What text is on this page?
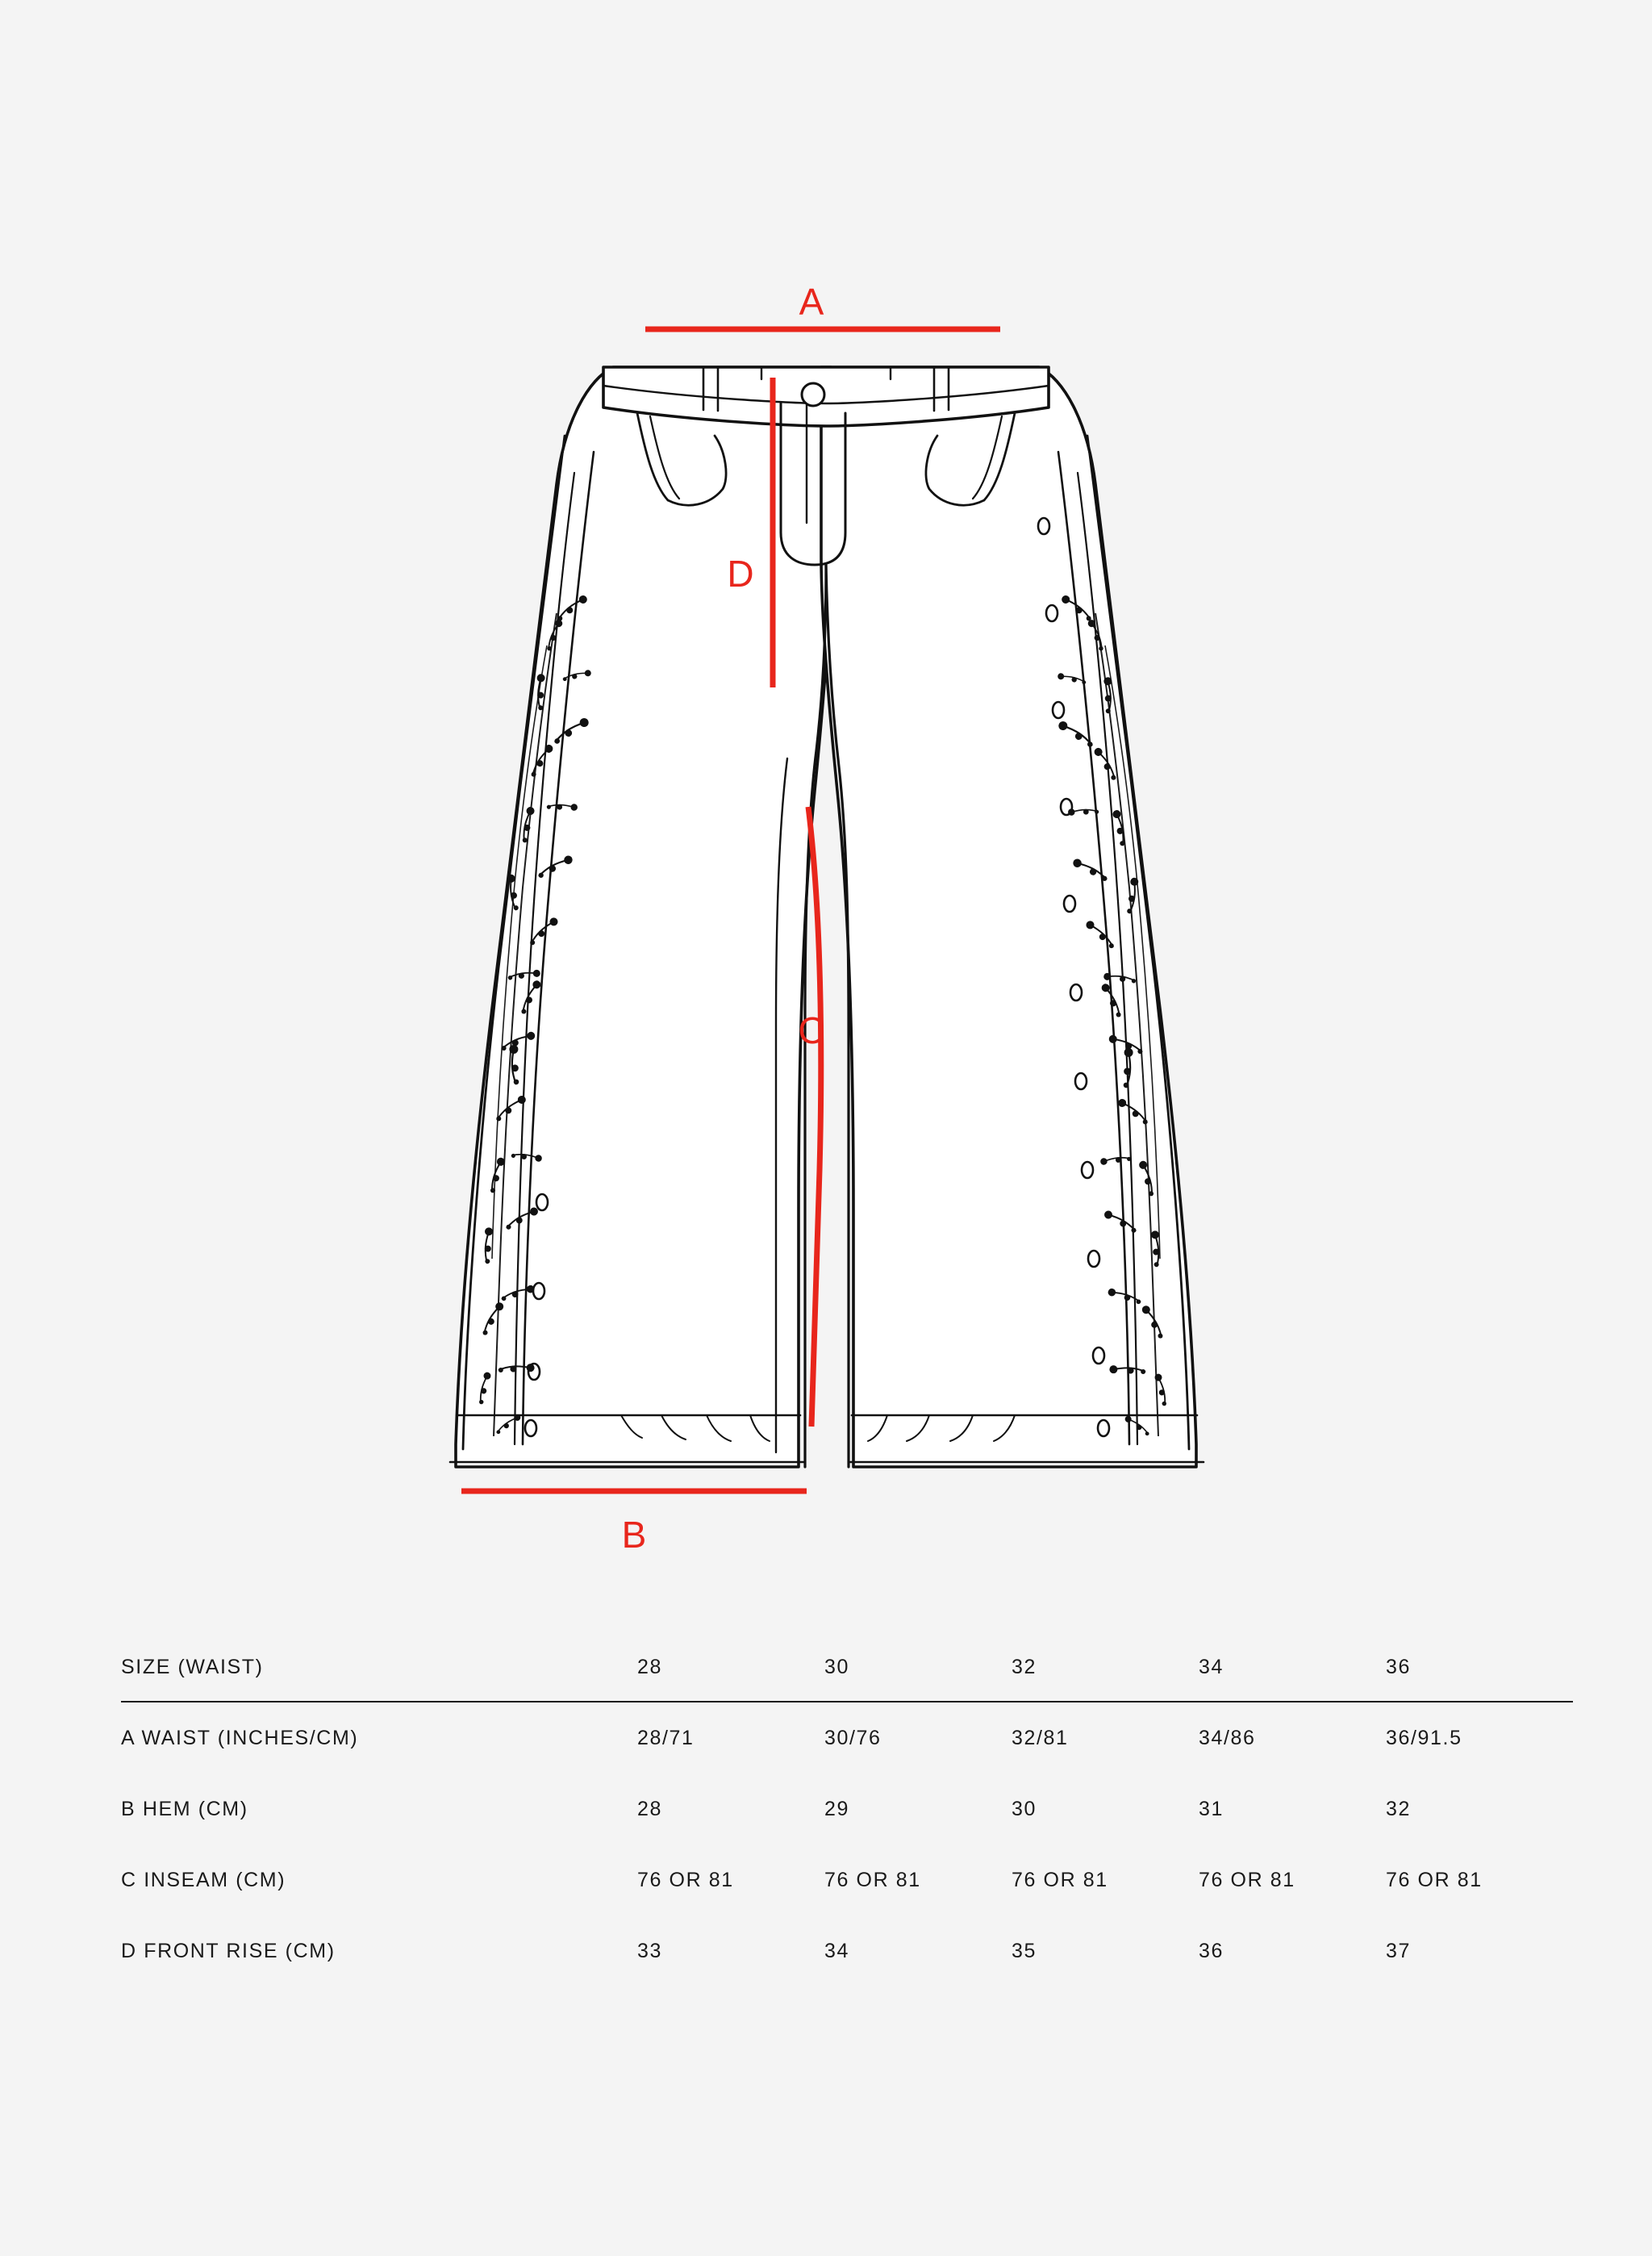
A
B
C
D
SIZE (WAIST)	28	30	32	34	36
A WAIST (INCHES/CM)	28/71	30/76	32/81	34/86	36/91.5
B HEM (CM)	28	29	30	31	32
C INSEAM (CM)	76 OR 81	76 OR 81	76 OR 81	76 OR 81	76 OR 81
D FRONT RISE (CM)	33	34	35	36	37
